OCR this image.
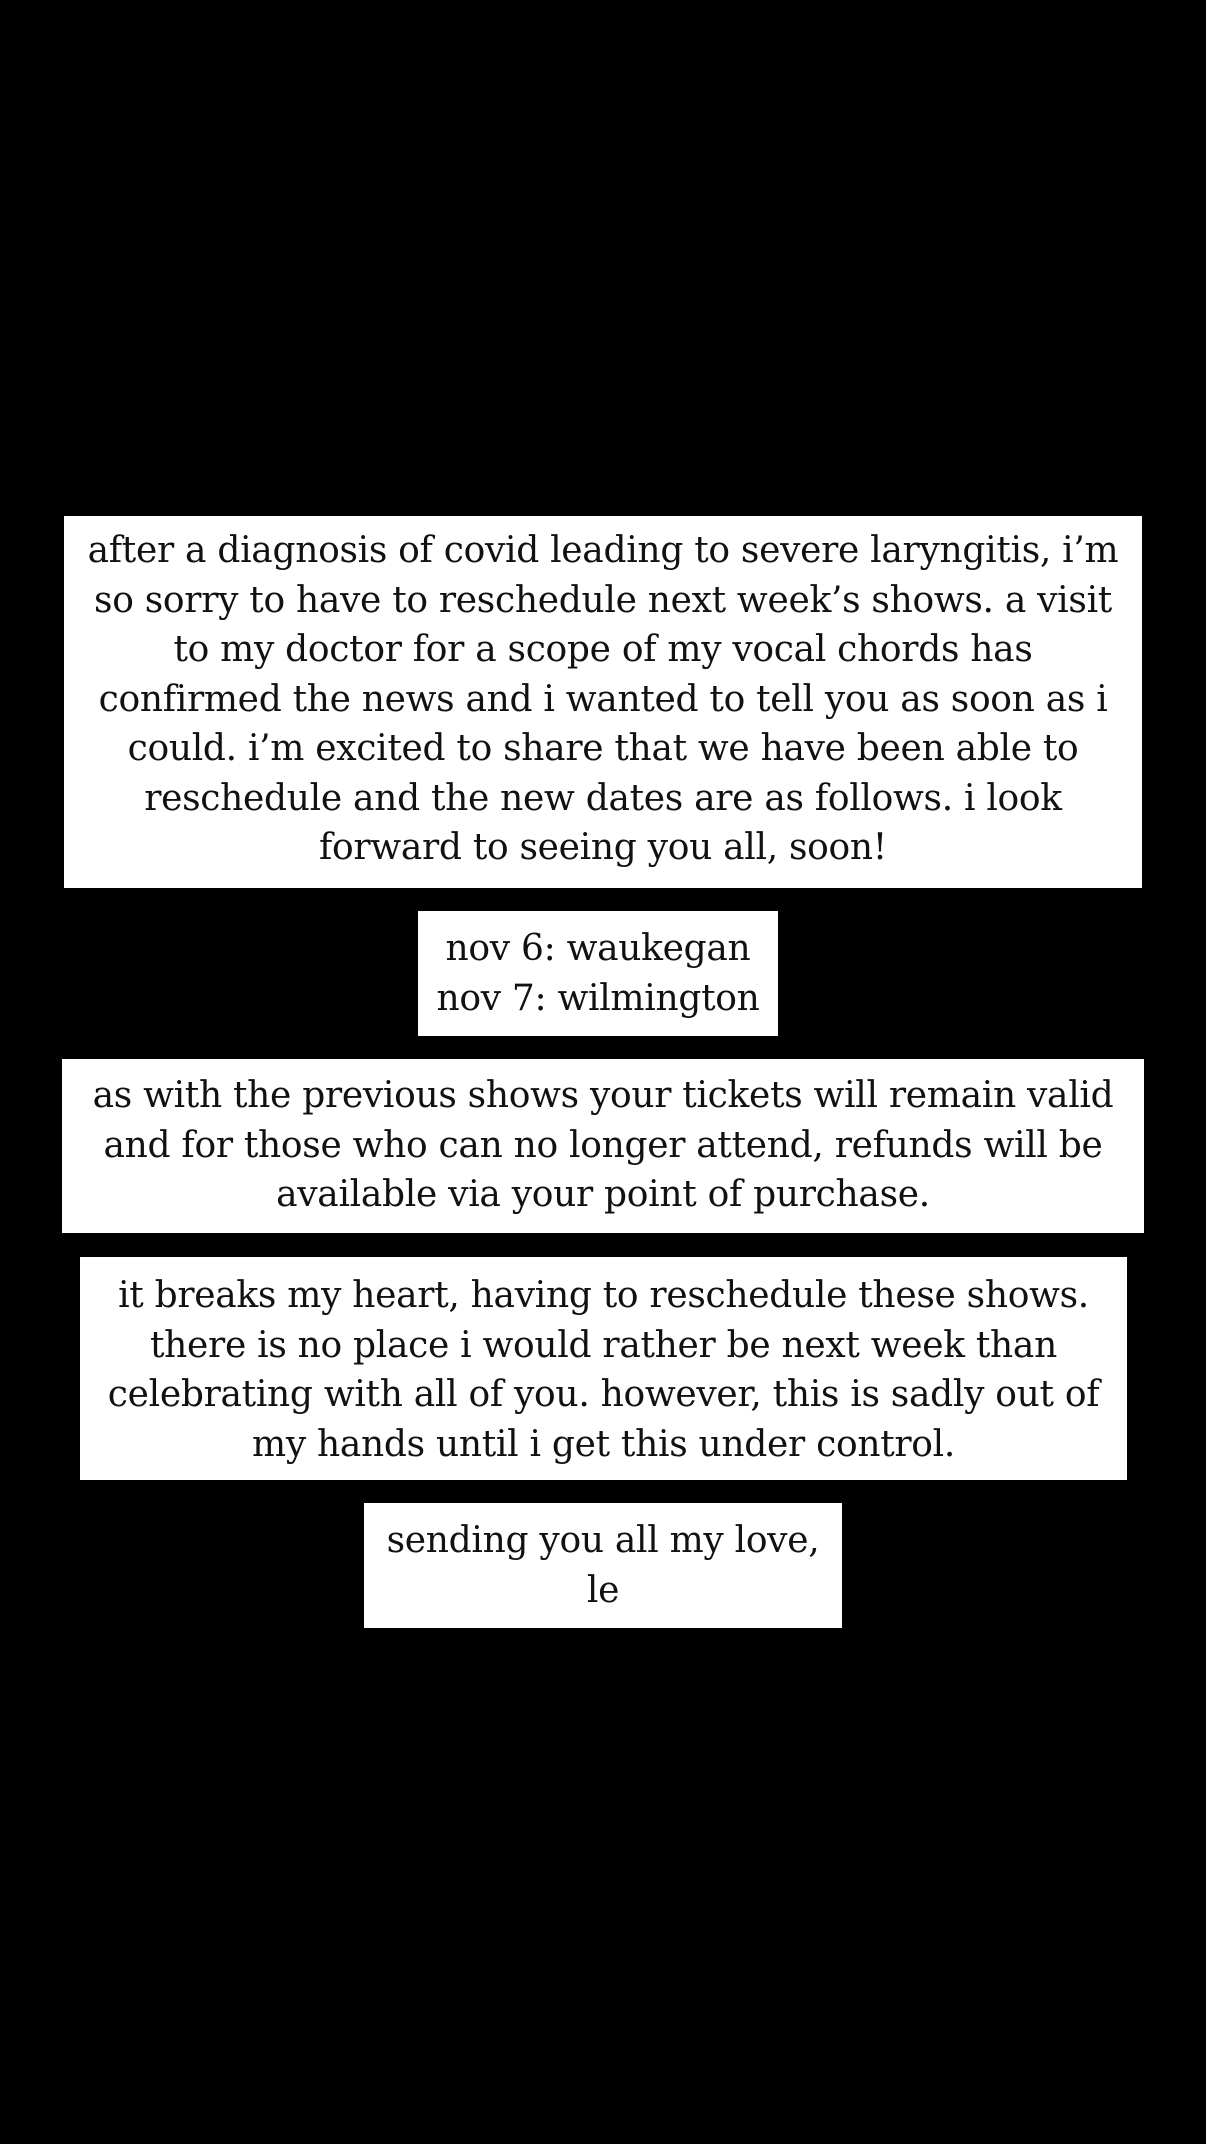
after a diagnosis of covid leading to severe laryngitis, i’m
so sorry to have to reschedule next week’s shows. a visit
to my doctor for a scope of my vocal chords has
confirmed the news and i wanted to tell you as soon as i
could. i’m excited to share that we have been able to
reschedule and the new dates are as follows. i look
forward to seeing you all, soon!
nov 6: waukegan
nov 7: wilmington
as with the previous shows your tickets will remain valid
and for those who can no longer attend, refunds will be
available via your point of purchase.
it breaks my heart, having to reschedule these shows.
there is no place i would rather be next week than
celebrating with all of you. however, this is sadly out of
my hands until i get this under control.
sending you all my love,
le
